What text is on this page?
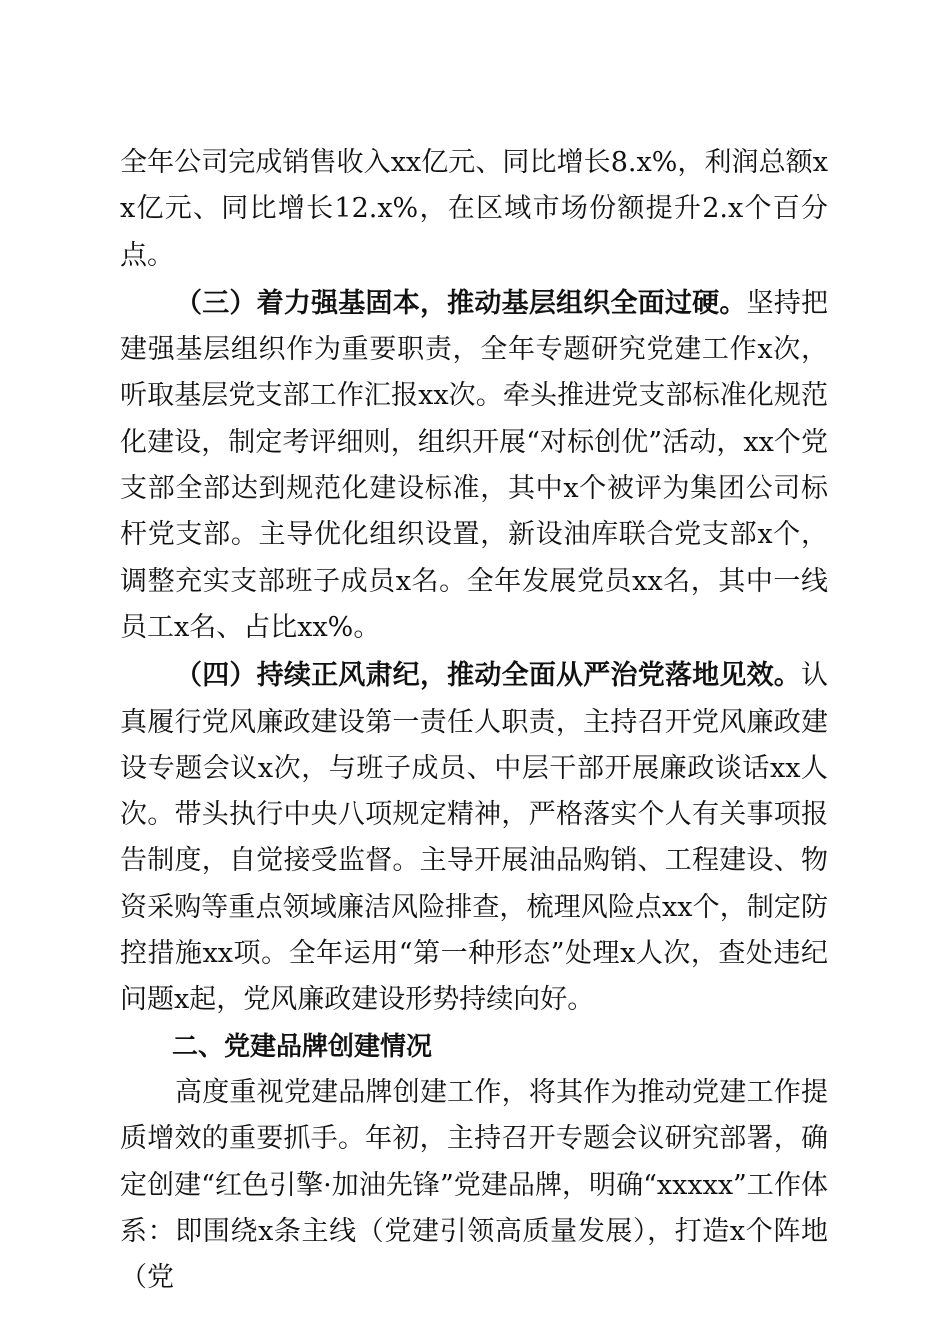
全年公司完成销售收入xx亿元、同比增长8.x%，利润总额xx亿元、同比增长12.x%，在区域市场份额提升2.x个百分点。

（三）着力强基固本，推动基层组织全面过硬。坚持把建强基层组织作为重要职责，全年专题研究党建工作x次，听取基层党支部工作汇报xx次。牵头推进党支部标准化规范化建设，制定考评细则，组织开展“对标创优”活动，xx个党支部全部达到规范化建设标准，其中x个被评为集团公司标杆党支部。主导优化组织设置，新设油库联合党支部x个，调整充实支部班子成员x名。全年发展党员xx名，其中一线员工x名、占比xx%。

（四）持续正风肃纪，推动全面从严治党落地见效。认真履行党风廉政建设第一责任人职责，主持召开党风廉政建设专题会议x次，与班子成员、中层干部开展廉政谈话xx人次。带头执行中央八项规定精神，严格落实个人有关事项报告制度，自觉接受监督。主导开展油品购销、工程建设、物资采购等重点领域廉洁风险排查，梳理风险点xx个，制定防控措施xx项。全年运用“第一种形态”处理x人次，查处违纪问题x起，党风廉政建设形势持续向好。

二、党建品牌创建情况

高度重视党建品牌创建工作，将其作为推动党建工作提质增效的重要抓手。年初，主持召开专题会议研究部署，确定创建“红色引擎·加油先锋”党建品牌，明确“xxxxx”工作体系：即围绕x条主线（党建引领高质量发展），打造x个阵地（党
